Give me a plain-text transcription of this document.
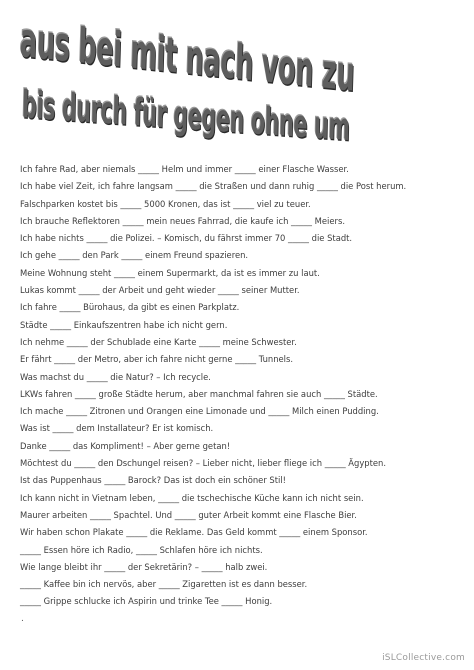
aus bei mit nach von zu
bis durch für gegen ohne um
Ich fahre Rad, aber niemals _____ Helm und immer _____ einer Flasche Wasser.
Ich habe viel Zeit, ich fahre langsam _____ die Straßen und dann ruhig _____ die Post herum.
Falschparken kostet bis _____ 5000 Kronen, das ist _____ viel zu teuer.
Ich brauche Reflektoren _____ mein neues Fahrrad, die kaufe ich _____ Meiers.
Ich habe nichts _____ die Polizei. – Komisch, du fährst immer 70 _____ die Stadt.
Ich gehe _____ den Park _____ einem Freund spazieren.
Meine Wohnung steht _____ einem Supermarkt, da ist es immer zu laut.
Lukas kommt _____ der Arbeit und geht wieder _____ seiner Mutter.
Ich fahre _____ Bürohaus, da gibt es einen Parkplatz.
Städte _____ Einkaufszentren habe ich nicht gern.
Ich nehme _____ der Schublade eine Karte _____ meine Schwester.
Er fährt _____ der Metro, aber ich fahre nicht gerne _____ Tunnels.
Was machst du _____ die Natur? – Ich recycle.
LKWs fahren _____ große Städte herum, aber manchmal fahren sie auch _____ Städte.
Ich mache _____ Zitronen und Orangen eine Limonade und _____ Milch einen Pudding.
Was ist _____ dem Installateur? Er ist komisch.
Danke _____ das Kompliment! – Aber gerne getan!
Möchtest du _____ den Dschungel reisen? – Lieber nicht, lieber fliege ich _____ Ägypten.
Ist das Puppenhaus _____ Barock? Das ist doch ein schöner Stil!
Ich kann nicht in Vietnam leben, _____ die tschechische Küche kann ich nicht sein.
Maurer arbeiten _____ Spachtel. Und _____ guter Arbeit kommt eine Flasche Bier.
Wir haben schon Plakate _____ die Reklame. Das Geld kommt _____ einem Sponsor.
_____ Essen höre ich Radio, _____ Schlafen höre ich nichts.
Wie lange bleibt ihr _____ der Sekretärin? – _____ halb zwei.
_____ Kaffee bin ich nervös, aber _____ Zigaretten ist es dann besser.
_____ Grippe schlucke ich Aspirin und trinke Tee _____ Honig.
.
iSLCollective.com
